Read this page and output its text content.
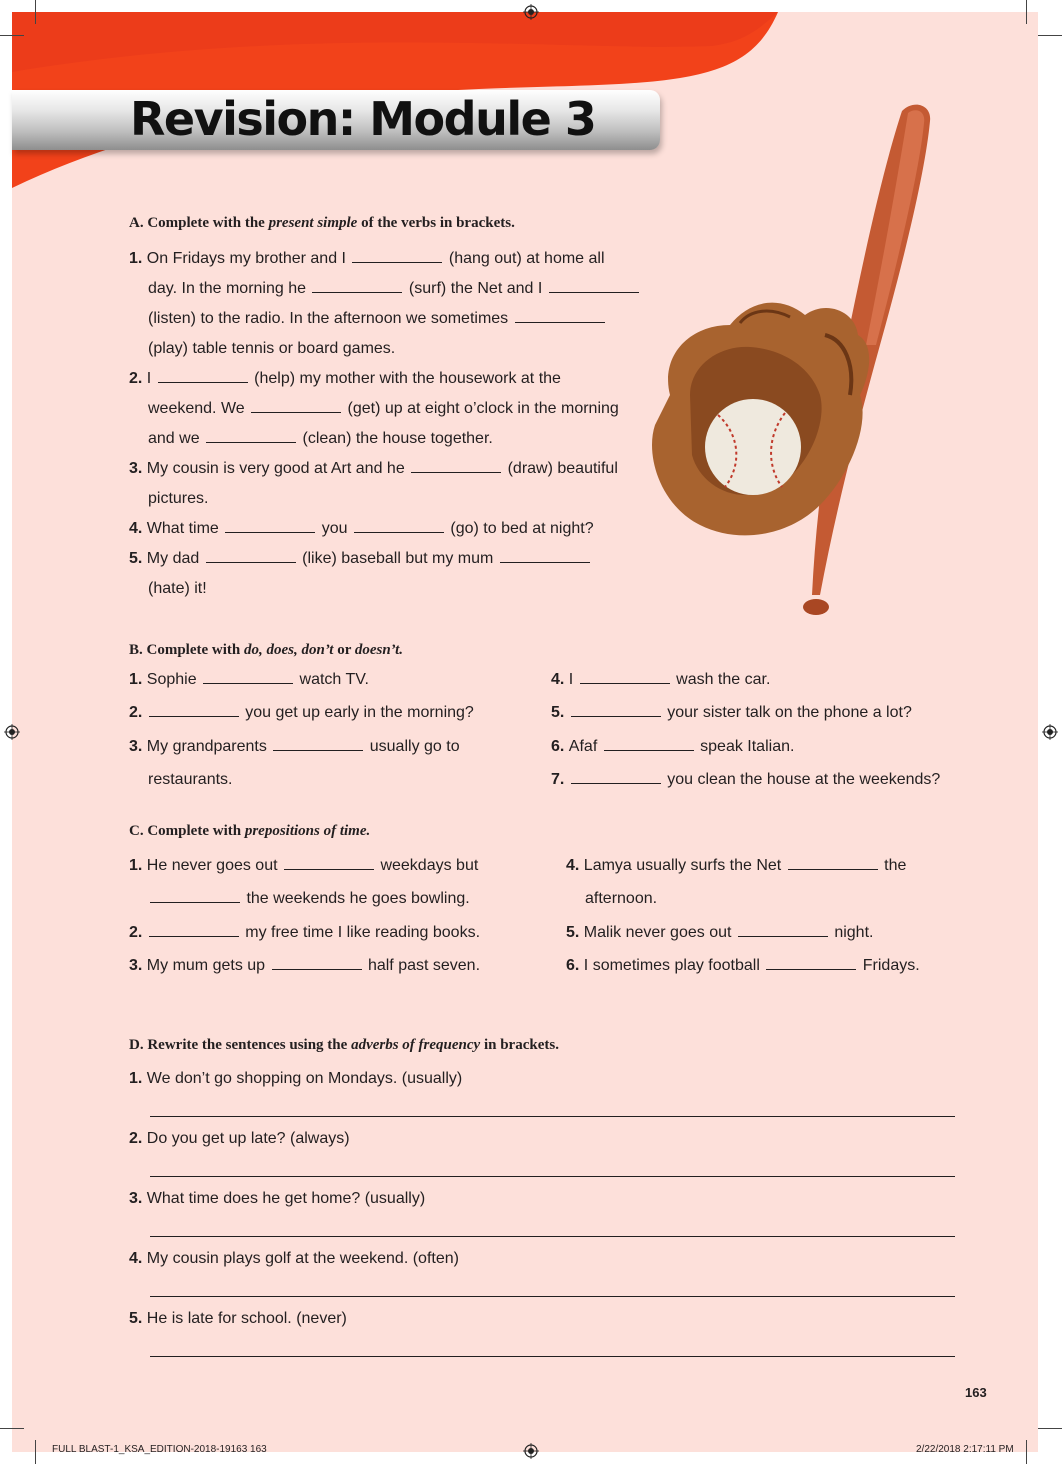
Revision: Module 3
A. Complete with the present simple of the verbs in brackets.
1. On Fridays my brother and I	(hang out) at home all
day. In the morning he	(surf) the Net and I
(listen) to the radio. In the afternoon we sometimes
(play) table tennis or board games.
2. I	(help) my mother with the housework at the
weekend. We	(get) up at eight o’clock in the morning
and we	(clean) the house together.
3. My cousin is very good at Art and he	(draw) beautiful
pictures.
4. What time	you	(go) to bed at night?
5. My dad	(like) baseball but my mum
(hate) it!
B. Complete with do, does, don’t or doesn’t.
1. Sophie	watch TV.
2.	you get up early in the morning?
3. My grandparents	usually go to
restaurants.
4. I	wash the car.
5.	your sister talk on the phone a lot?
6. Afaf	speak Italian.
7.	you clean the house at the weekends?
C. Complete with prepositions of time.
1. He never goes out	weekdays but
the weekends he goes bowling.
2.	my free time I like reading books.
3. My mum gets up	half past seven.
4. Lamya usually surfs the Net	the
afternoon.
5. Malik never goes out	night.
6. I sometimes play football	Fridays.
D. Rewrite the sentences using the adverbs of frequency in brackets.
1. We don’t go shopping on Mondays. (usually)
2. Do you get up late? (always)
3. What time does he get home? (usually)
4. My cousin plays golf at the weekend. (often)
5. He is late for school. (never)
163
FULL BLAST-1_KSA_EDITION-2018-19163 163	2/22/2018 2:17:11 PM
